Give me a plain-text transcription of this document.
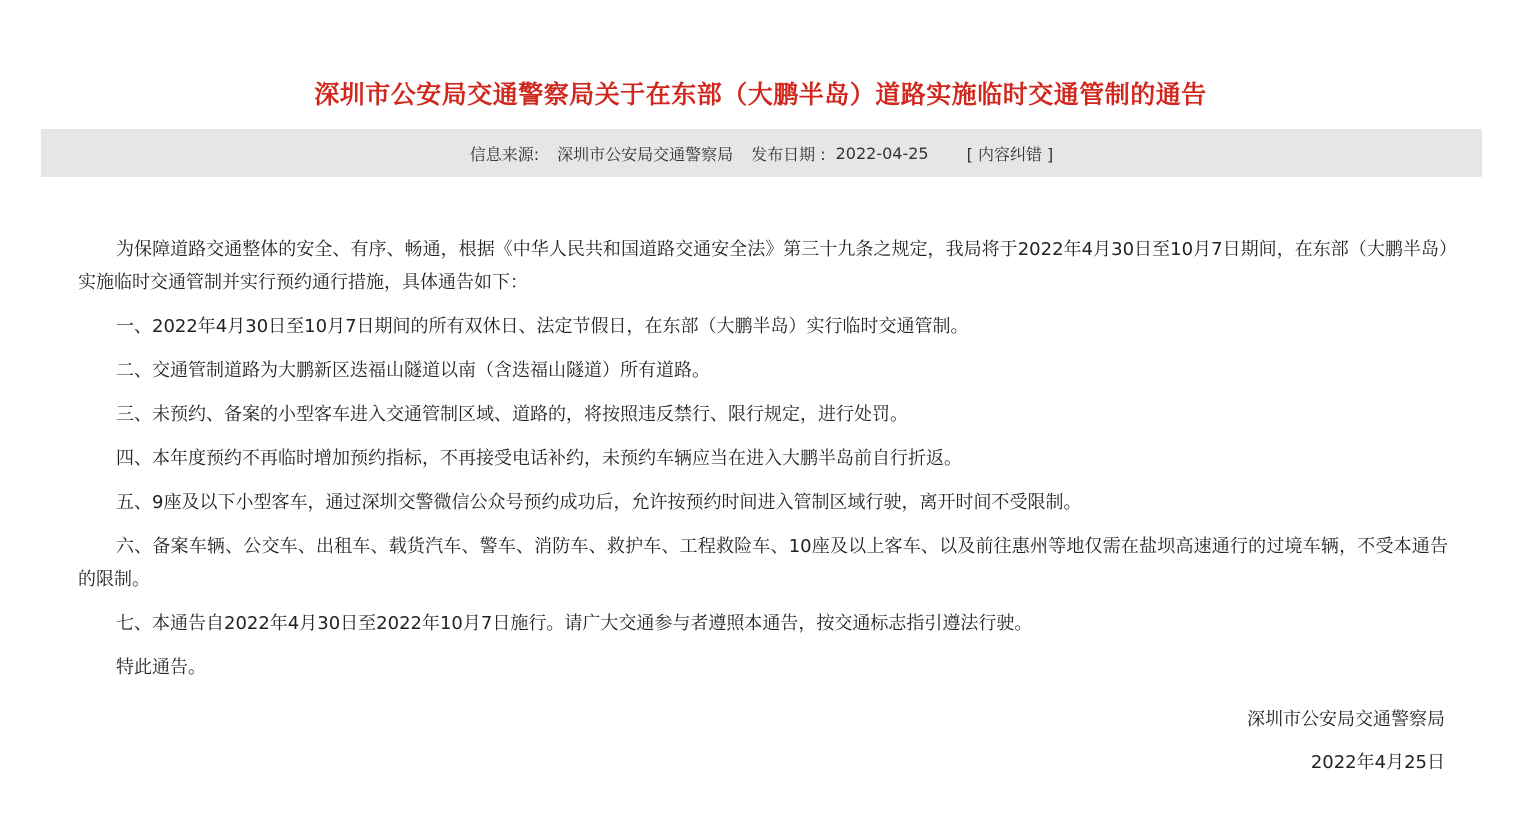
深圳市公安局交通警察局关于在东部（大鹏半岛）道路实施临时交通管制的通告
信息来源: 深圳市公安局交通警察局 发布日期 : 2022-04-25 [ 内容纠错 ]

为保障道路交通整体的安全、有序、畅通，根据《中华人民共和国道路交通安全法》第三十九条之规定，我局将于2022年4月30日至10月7日期间，在东部（大鹏半岛）实施临时交通管制并实行预约通行措施，具体通告如下：

一、2022年4月30日至10月7日期间的所有双休日、法定节假日，在东部（大鹏半岛）实行临时交通管制。

二、交通管制道路为大鹏新区迭福山隧道以南（含迭福山隧道）所有道路。

三、未预约、备案的小型客车进入交通管制区域、道路的，将按照违反禁行、限行规定，进行处罚。

四、本年度预约不再临时增加预约指标，不再接受电话补约，未预约车辆应当在进入大鹏半岛前自行折返。

五、9座及以下小型客车，通过深圳交警微信公众号预约成功后，允许按预约时间进入管制区域行驶，离开时间不受限制。

六、备案车辆、公交车、出租车、载货汽车、警车、消防车、救护车、工程救险车、10座及以上客车、以及前往惠州等地仅需在盐坝高速通行的过境车辆，不受本通告的限制。

七、本通告自2022年4月30日至2022年10月7日施行。请广大交通参与者遵照本通告，按交通标志指引遵法行驶。

特此通告。

深圳市公安局交通警察局
2022年4月25日
